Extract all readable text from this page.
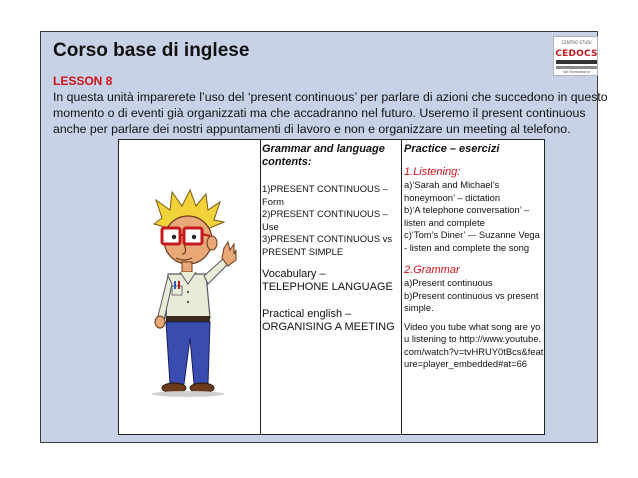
Corso base di inglese	CENTRO STUDI
CEDOCS
Val Formazione
LESSON 8
In questa unità imparerete l’uso del ‘present continuous’ per parlare di azioni che succedono in questo momento o di eventi già organizzati ma che accadranno nel futuro. Useremo il present continuous anche per parlare dei nostri appuntamenti di lavoro e non e organizzare un meeting al telefono.

Grammar and language contents:

1)PRESENT CONTINUOUS – Form

2)PRESENT CONTINUOUS – Use

3)PRESENT CONTINUOUS vs PRESENT SIMPLE

Vocabulary – TELEPHONE LANGUAGE

Practical english – ORGANISING A MEETING

Practice – esercizi

1.Listening:

a)‘Sarah and Michael’s honeymoon’ – dictation

b)‘A telephone conversation’ – listen and complete

c)‘Tom’s Diner’ –- Suzanne Vega - listen and complete the song

2.Grammar

a)Present continuous

b)Present continuous vs present simple.

Video you tube what song are you listening to http://www.youtube.com/watch?v=tvHRUY0tBcs&feature=player_embedded#at=66
